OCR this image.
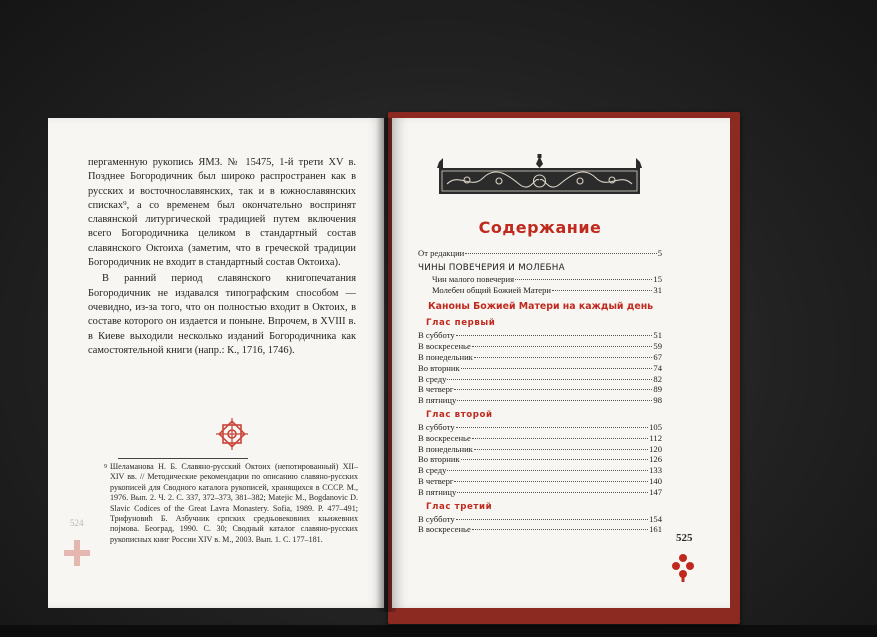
пергаменную рукопись ЯМЗ. № 15475, 1-й трети XV в. Позднее Богородичник был широко распространен как в русских и восточнославянских, так и в южнославянских списках⁹, а со временем был окончательно воспринят славянской литургической традицией путем включения всего Богородичника целиком в стандартный состав славянского Октоиха (заметим, что в греческой традиции Богородичник не входит в стандартный состав Октоиха).

В ранний период славянского книгопечатания Богородичник не издавался типографским способом — очевидно, из-за того, что он полностью входит в Октоих, в составе которого он издается и поныне. Впрочем, в XVIII в. в Киеве выходили несколько изданий Богородичника как самостоятельной книги (напр.: К., 1716, 1746).

9 Шеламанова Н. Б. Славяно-русский Октоих (непотированный) XII–XIV вв. // Методические рекомендации по описанию славяно-русских рукописей для Сводного каталога рукописей, хранящихся в СССР. М., 1976. Вып. 2. Ч. 2. С. 337, 372–373, 381–382; Matejic M., Bogdanovic D. Slavic Codices of the Great Lavra Monastery. Sofia, 1989. P. 477–491; Трифуновић Б. Азбучник српских средњовековних књижевних појмова. Београд, 1990. С. 30; Сводный каталог славяно-русских рукописных книг России XIV в. М., 2003. Вып. 1. С. 177–181.
524
Содержание
От редакции	5
ЧИНЫ ПОВЕЧЕРИЯ И МОЛЕБНА
Чин малого повечерия	15
Молебен общий Божией Матери	31
Каноны Божией Матери на каждый день
Глас первый
В субботу	51
В воскресенье	59
В понедельник	67
Во вторник	74
В среду	82
В четверг	89
В пятницу	98
Глас второй
В субботу	105
В воскресенье	112
В понедельник	120
Во вторник	126
В среду	133
В четверг	140
В пятницу	147
Глас третий
В субботу	154
В воскресенье	161
525
